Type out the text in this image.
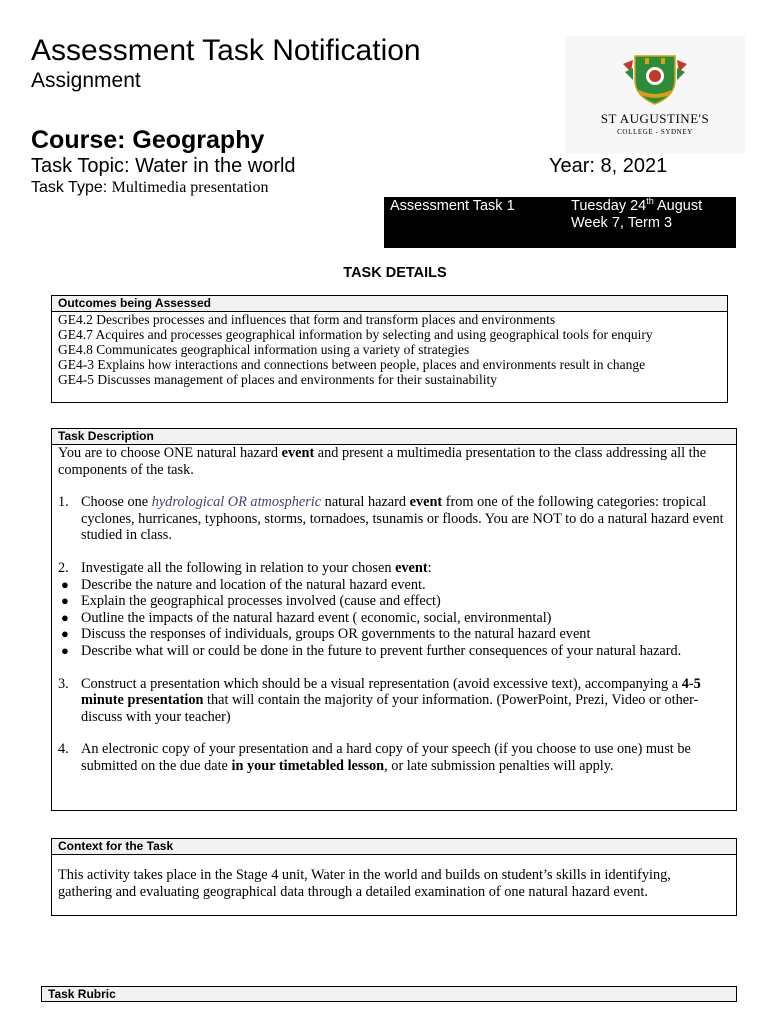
Assessment Task Notification
Assignment
Course: Geography
Task Topic: Water in the world	Year: 8, 2021
Task Type: Multimedia presentation
ST AUGUSTINE'S
COLLEGE - SYDNEY
Assessment Task 1	Tuesday 24th August
Week 7, Term 3
TASK DETAILS
Outcomes being Assessed
GE4.2 Describes processes and influences that form and transform places and environments
GE4.7 Acquires and processes geographical information by selecting and using geographical tools for enquiry
GE4.8 Communicates geographical information using a variety of strategies
GE4-3 Explains how interactions and connections between people, places and environments result in change
GE4-5 Discusses management of places and environments for their sustainability
Task Description

You are to choose ONE natural hazard event and present a multimedia presentation to the class addressing all the components of the task.

1. Choose one hydrological OR atmospheric natural hazard event from one of the following categories: tropical cyclones, hurricanes, typhoons, storms, tornadoes, tsunamis or floods. You are NOT to do a natural hazard event studied in class.
2. Investigate all the following in relation to your chosen event:
● Describe the nature and location of the natural hazard event.
● Explain the geographical processes involved (cause and effect)
● Outline the impacts of the natural hazard event ( economic, social, environmental)
● Discuss the responses of individuals, groups OR governments to the natural hazard event
● Describe what will or could be done in the future to prevent further consequences of your natural hazard.
3. Construct a presentation which should be a visual representation (avoid excessive text), accompanying a 4-5 minute presentation that will contain the majority of your information. (PowerPoint, Prezi, Video or other- discuss with your teacher)
4. An electronic copy of your presentation and a hard copy of your speech (if you choose to use one) must be submitted on the due date in your timetabled lesson, or late submission penalties will apply.
Context for the Task
This activity takes place in the Stage 4 unit, Water in the world and builds on student’s skills in identifying, gathering and evaluating geographical data through a detailed examination of one natural hazard event.
Task Rubric
